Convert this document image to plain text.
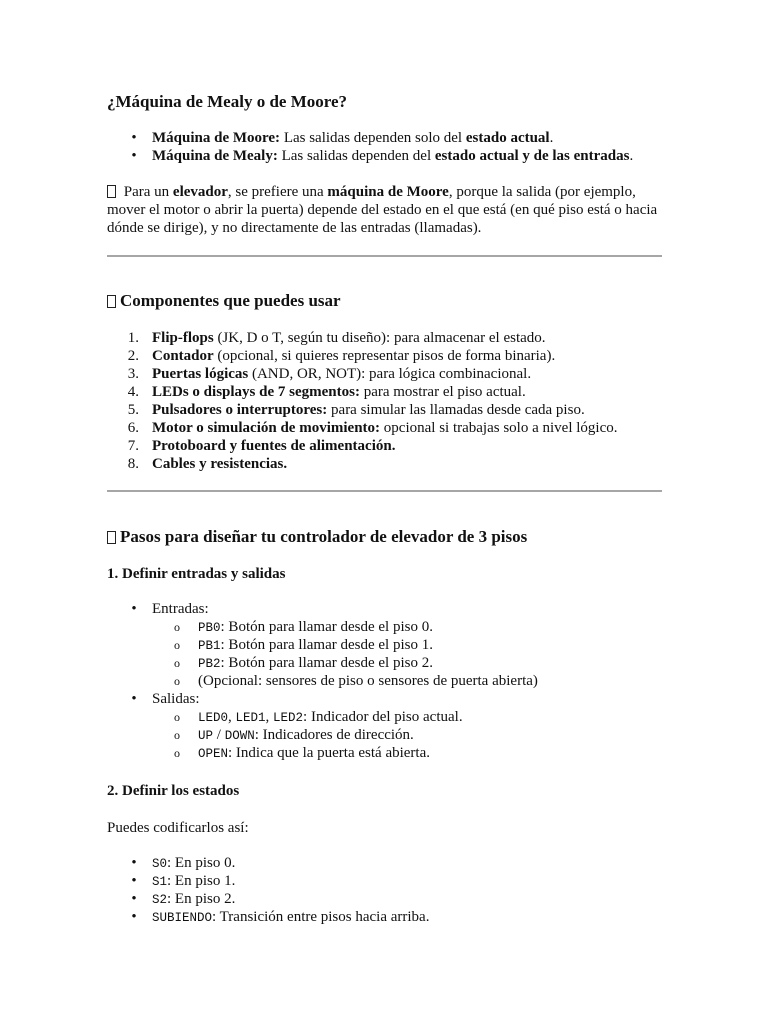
¿Máquina de Mealy o de Moore?
• Máquina de Moore: Las salidas dependen solo del estado actual.
• Máquina de Mealy: Las salidas dependen del estado actual y de las entradas.

Para un elevador, se prefiere una máquina de Moore, porque la salida (por ejemplo,

mover el motor o abrir la puerta) depende del estado en el que está (en qué piso está o hacia

dónde se dirige), y no directamente de las entradas (llamadas).

Componentes que puedes usar
1. Flip-flops (JK, D o T, según tu diseño): para almacenar el estado.
2. Contador (opcional, si quieres representar pisos de forma binaria).
3. Puertas lógicas (AND, OR, NOT): para lógica combinacional.
4. LEDs o displays de 7 segmentos: para mostrar el piso actual.
5. Pulsadores o interruptores: para simular las llamadas desde cada piso.
6. Motor o simulación de movimiento: opcional si trabajas solo a nivel lógico.
7. Protoboard y fuentes de alimentación.
8. Cables y resistencias.
Pasos para diseñar tu controlador de elevador de 3 pisos
1. Definir entradas y salidas
• Entradas:
o PB0: Botón para llamar desde el piso 0.
o PB1: Botón para llamar desde el piso 1.
o PB2: Botón para llamar desde el piso 2.
o (Opcional: sensores de piso o sensores de puerta abierta)
• Salidas:
o LED0, LED1, LED2: Indicador del piso actual.
o UP / DOWN: Indicadores de dirección.
o OPEN: Indica que la puerta está abierta.
2. Definir los estados

Puedes codificarlos así:

• S0: En piso 0.
• S1: En piso 1.
• S2: En piso 2.
• SUBIENDO: Transición entre pisos hacia arriba.
